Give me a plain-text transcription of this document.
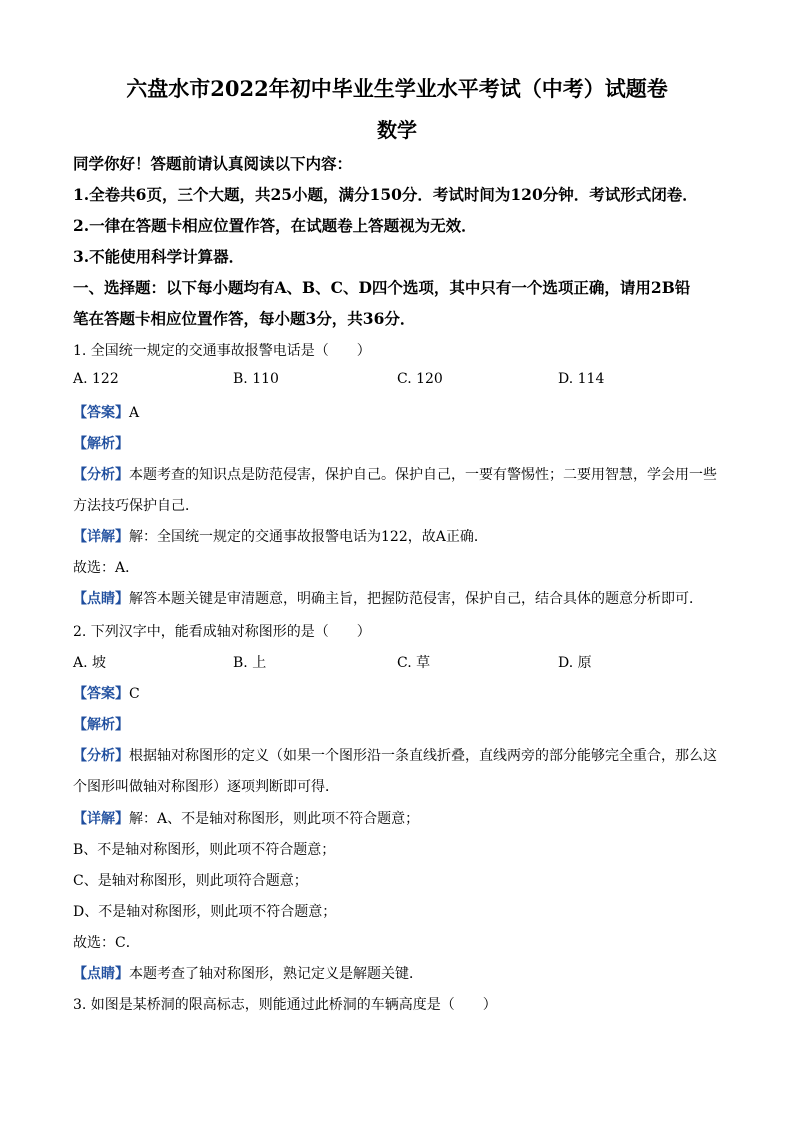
六盘水市2022年初中毕业生学业水平考试（中考）试题卷
数学
同学你好！答题前请认真阅读以下内容：
1.全卷共6页，三个大题，共25小题，满分150分．考试时间为120分钟．考试形式闭卷．
2.一律在答题卡相应位置作答，在试题卷上答题视为无效．
3.不能使用科学计算器．
一、选择题：以下每小题均有A、B、C、D四个选项，其中只有一个选项正确，请用2B铅
笔在答题卡相应位置作答，每小题3分，共36分．
1. 全国统一规定的交通事故报警电话是（　　）
A. 122	B. 110	C. 120	D. 114
【答案】A
【解析】
【分析】本题考查的知识点是防范侵害，保护自己。保护自己，一要有警惕性；二要用智慧，学会用一些
方法技巧保护自己．
【详解】解：全国统一规定的交通事故报警电话为122，故A正确．
故选：A．
【点睛】解答本题关键是审清题意，明确主旨，把握防范侵害，保护自己，结合具体的题意分析即可．
2. 下列汉字中，能看成轴对称图形的是（　　）
A. 坡	B. 上	C. 草	D. 原
【答案】C
【解析】
【分析】根据轴对称图形的定义（如果一个图形沿一条直线折叠，直线两旁的部分能够完全重合，那么这
个图形叫做轴对称图形）逐项判断即可得．
【详解】解：A、不是轴对称图形，则此项不符合题意；
B、不是轴对称图形，则此项不符合题意；
C、是轴对称图形，则此项符合题意；
D、不是轴对称图形，则此项不符合题意；
故选：C．
【点睛】本题考查了轴对称图形，熟记定义是解题关键．
3. 如图是某桥洞的限高标志，则能通过此桥洞的车辆高度是（　　）
